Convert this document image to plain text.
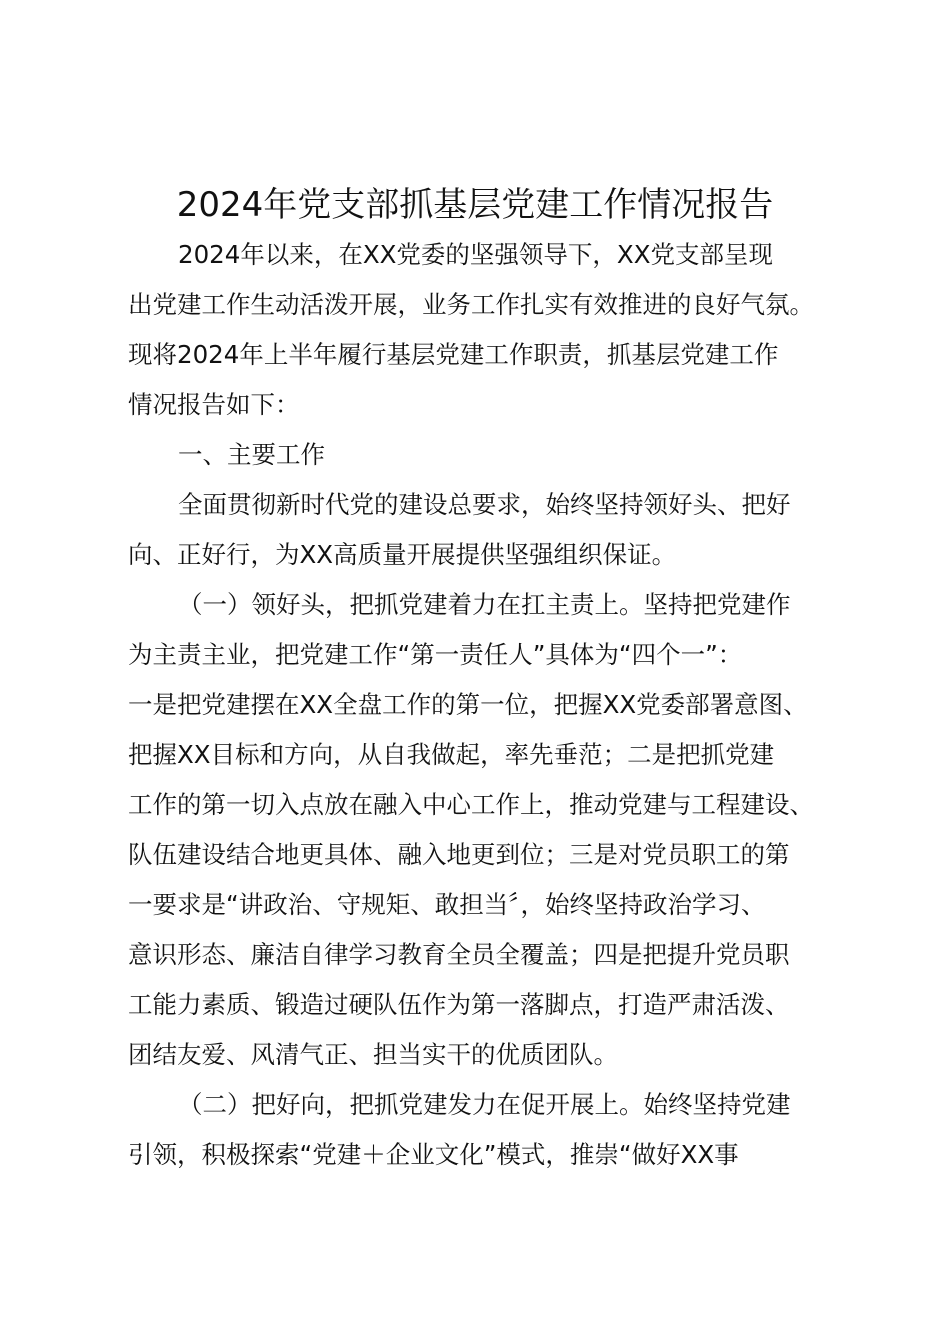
2024年党支部抓基层党建工作情况报告

2024年以来，在XX党委的坚强领导下，XX党支部呈现

出党建工作生动活泼开展，业务工作扎实有效推进的良好气氛。

现将2024年上半年履行基层党建工作职责，抓基层党建工作

情况报告如下：

一、主要工作

全面贯彻新时代党的建设总要求，始终坚持领好头、把好

向、正好行，为XX高质量开展提供坚强组织保证。

（一）领好头，把抓党建着力在扛主责上。坚持把党建作

为主责主业，把党建工作“第一责任人”具体为“四个一”：

一是把党建摆在XX全盘工作的第一位，把握XX党委部署意图、

把握XX目标和方向，从自我做起，率先垂范；二是把抓党建

工作的第一切入点放在融入中心工作上，推动党建与工程建设、

队伍建设结合地更具体、融入地更到位；三是对党员职工的第

一要求是“讲政治、守规矩、敢担当〞，始终坚持政治学习、

意识形态、廉洁自律学习教育全员全覆盖；四是把提升党员职

工能力素质、锻造过硬队伍作为第一落脚点，打造严肃活泼、

团结友爱、风清气正、担当实干的优质团队。

（二）把好向，把抓党建发力在促开展上。始终坚持党建

引领，积极探索“党建＋企业文化”模式，推崇“做好XX事
